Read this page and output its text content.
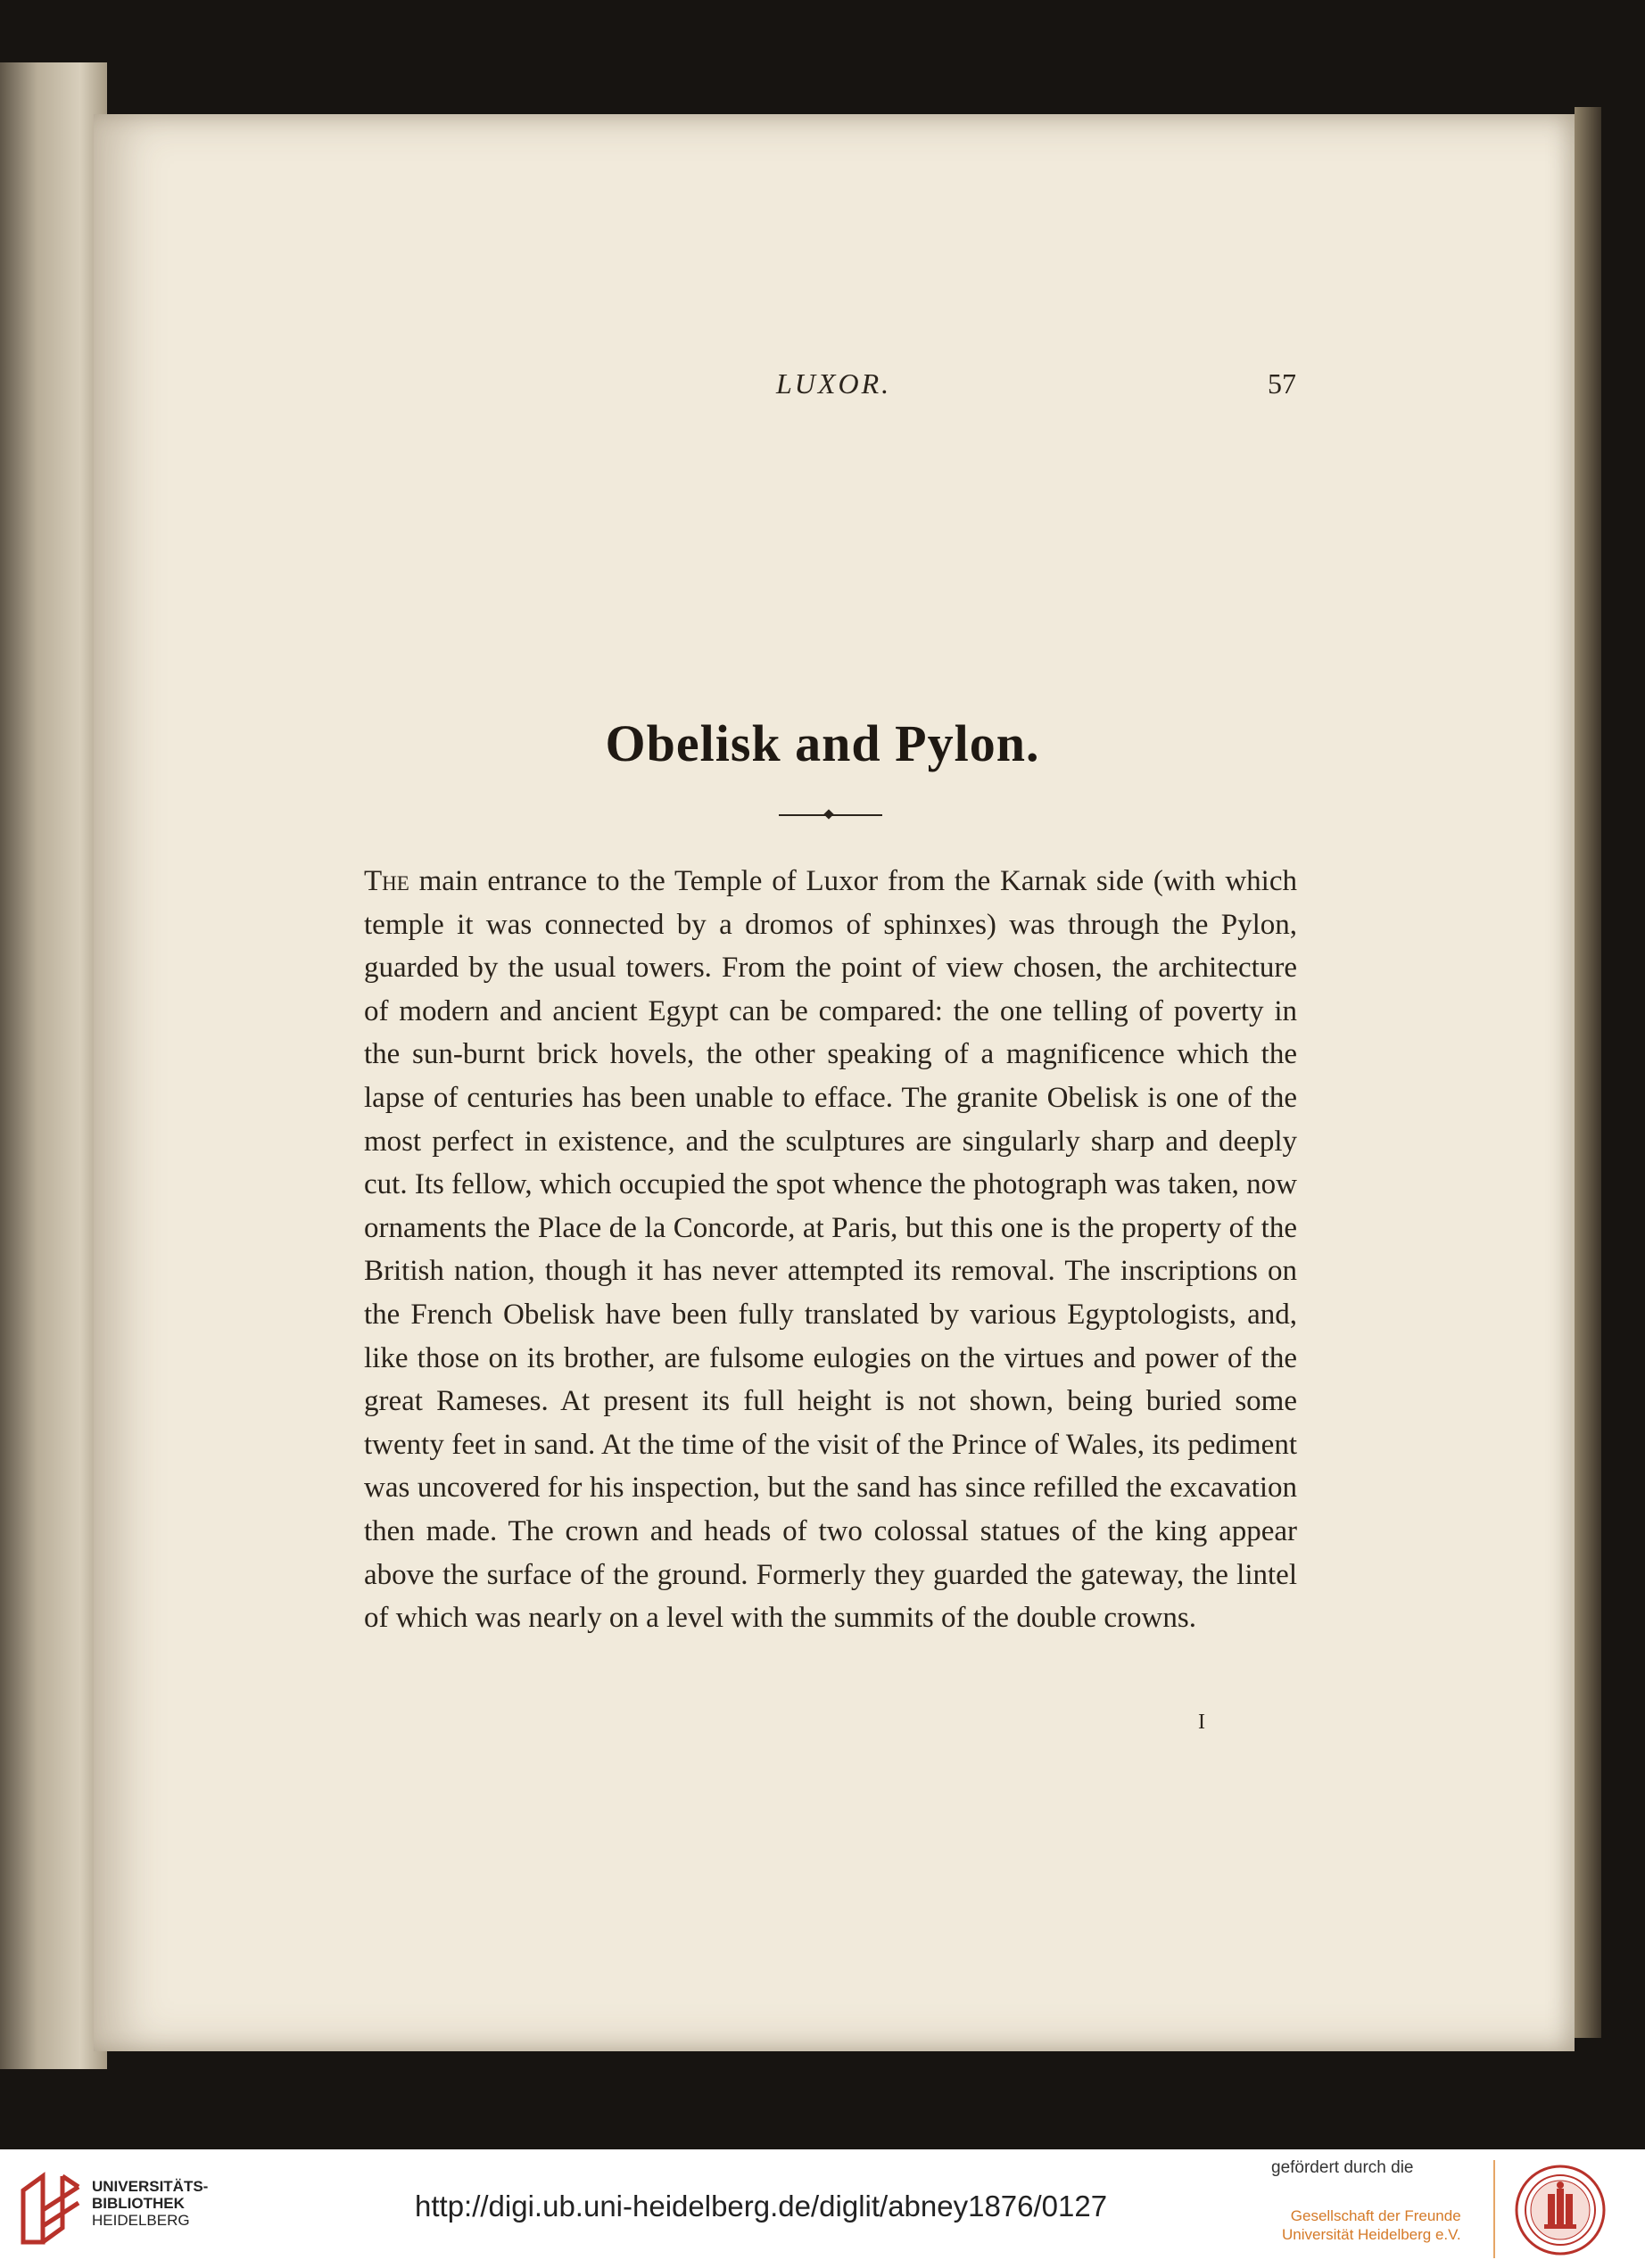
LUXOR.	57
Obelisk and Pylon.
The main entrance to the Temple of Luxor from the Karnak side (with which temple it was connected by a dromos of sphinxes) was through the Pylon, guarded by the usual towers. From the point of view chosen, the architecture of modern and ancient Egypt can be compared: the one telling of poverty in the sun-burnt brick hovels, the other speaking of a magnificence which the lapse of centuries has been unable to efface. The granite Obelisk is one of the most perfect in existence, and the sculptures are singularly sharp and deeply cut. Its fellow, which occupied the spot whence the photograph was taken, now ornaments the Place de la Concorde, at Paris, but this one is the property of the British nation, though it has never attempted its removal. The inscriptions on the French Obelisk have been fully translated by various Egyptologists, and, like those on its brother, are fulsome eulogies on the virtues and power of the great Rameses. At present its full height is not shown, being buried some twenty feet in sand. At the time of the visit of the Prince of Wales, its pediment was uncovered for his inspection, but the sand has since refilled the excavation then made. The crown and heads of two colossal statues of the king appear above the surface of the ground. Formerly they guarded the gateway, the lintel of which was nearly on a level with the summits of the double crowns.
I
UNIVERSITÄTS-
BIBLIOTHEK
HEIDELBERG	http://digi.ub.uni-heidelberg.de/diglit/abney1876/0127
gefördert durch die
Gesellschaft der Freunde
Universität Heidelberg e.V.
